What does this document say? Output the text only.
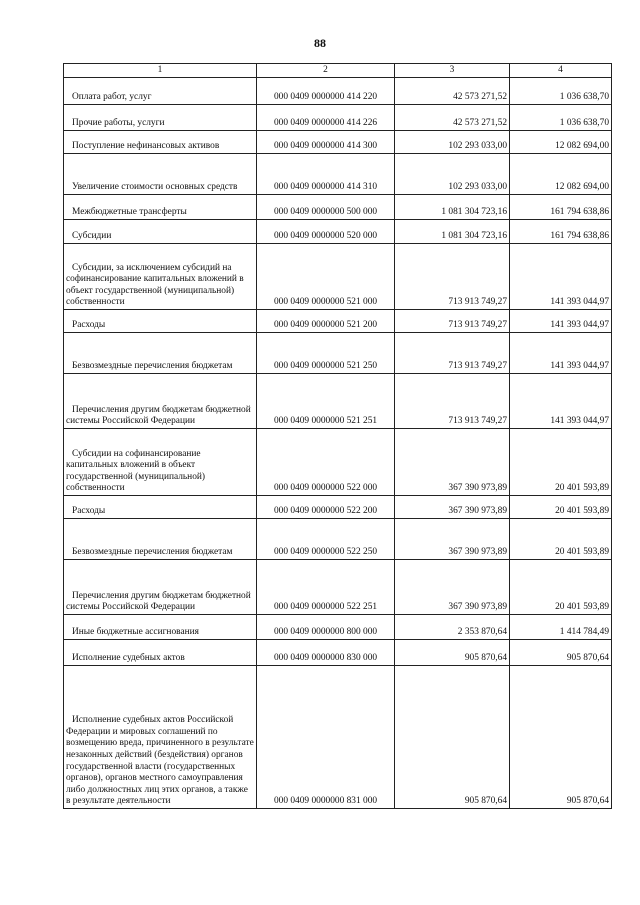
88
1	2	3	4
Оплата работ, услуг	000 0409 0000000 414 220	42 573 271,52	1 036 638,70
Прочие работы, услуги	000 0409 0000000 414 226	42 573 271,52	1 036 638,70
Поступление нефинансовых активов	000 0409 0000000 414 300	102 293 033,00	12 082 694,00
Увеличение стоимости основных средств	000 0409 0000000 414 310	102 293 033,00	12 082 694,00
Межбюджетные трансферты	000 0409 0000000 500 000	1 081 304 723,16	161 794 638,86
Субсидии	000 0409 0000000 520 000	1 081 304 723,16	161 794 638,86
Субсидии, за исключением субсидий на софинансирование капитальных вложений в объект государственной (муниципальной) собственности	000 0409 0000000 521 000	713 913 749,27	141 393 044,97
Расходы	000 0409 0000000 521 200	713 913 749,27	141 393 044,97
Безвозмездные перечисления бюджетам	000 0409 0000000 521 250	713 913 749,27	141 393 044,97
Перечисления другим бюджетам бюджетной системы Российской Федерации	000 0409 0000000 521 251	713 913 749,27	141 393 044,97
Субсидии на софинансирование капитальных вложений в объект государственной (муниципальной) собственности	000 0409 0000000 522 000	367 390 973,89	20 401 593,89
Расходы	000 0409 0000000 522 200	367 390 973,89	20 401 593,89
Безвозмездные перечисления бюджетам	000 0409 0000000 522 250	367 390 973,89	20 401 593,89
Перечисления другим бюджетам бюджетной системы Российской Федерации	000 0409 0000000 522 251	367 390 973,89	20 401 593,89
Иные бюджетные ассигнования	000 0409 0000000 800 000	2 353 870,64	1 414 784,49
Исполнение судебных актов	000 0409 0000000 830 000	905 870,64	905 870,64
Исполнение судебных актов Российской Федерации и мировых соглашений по возмещению вреда, причиненного в результате незаконных действий (бездействия) органов государственной власти (государственных органов), органов местного самоуправления либо должностных лиц этих органов, а также в результате деятельности	000 0409 0000000 831 000	905 870,64	905 870,64
